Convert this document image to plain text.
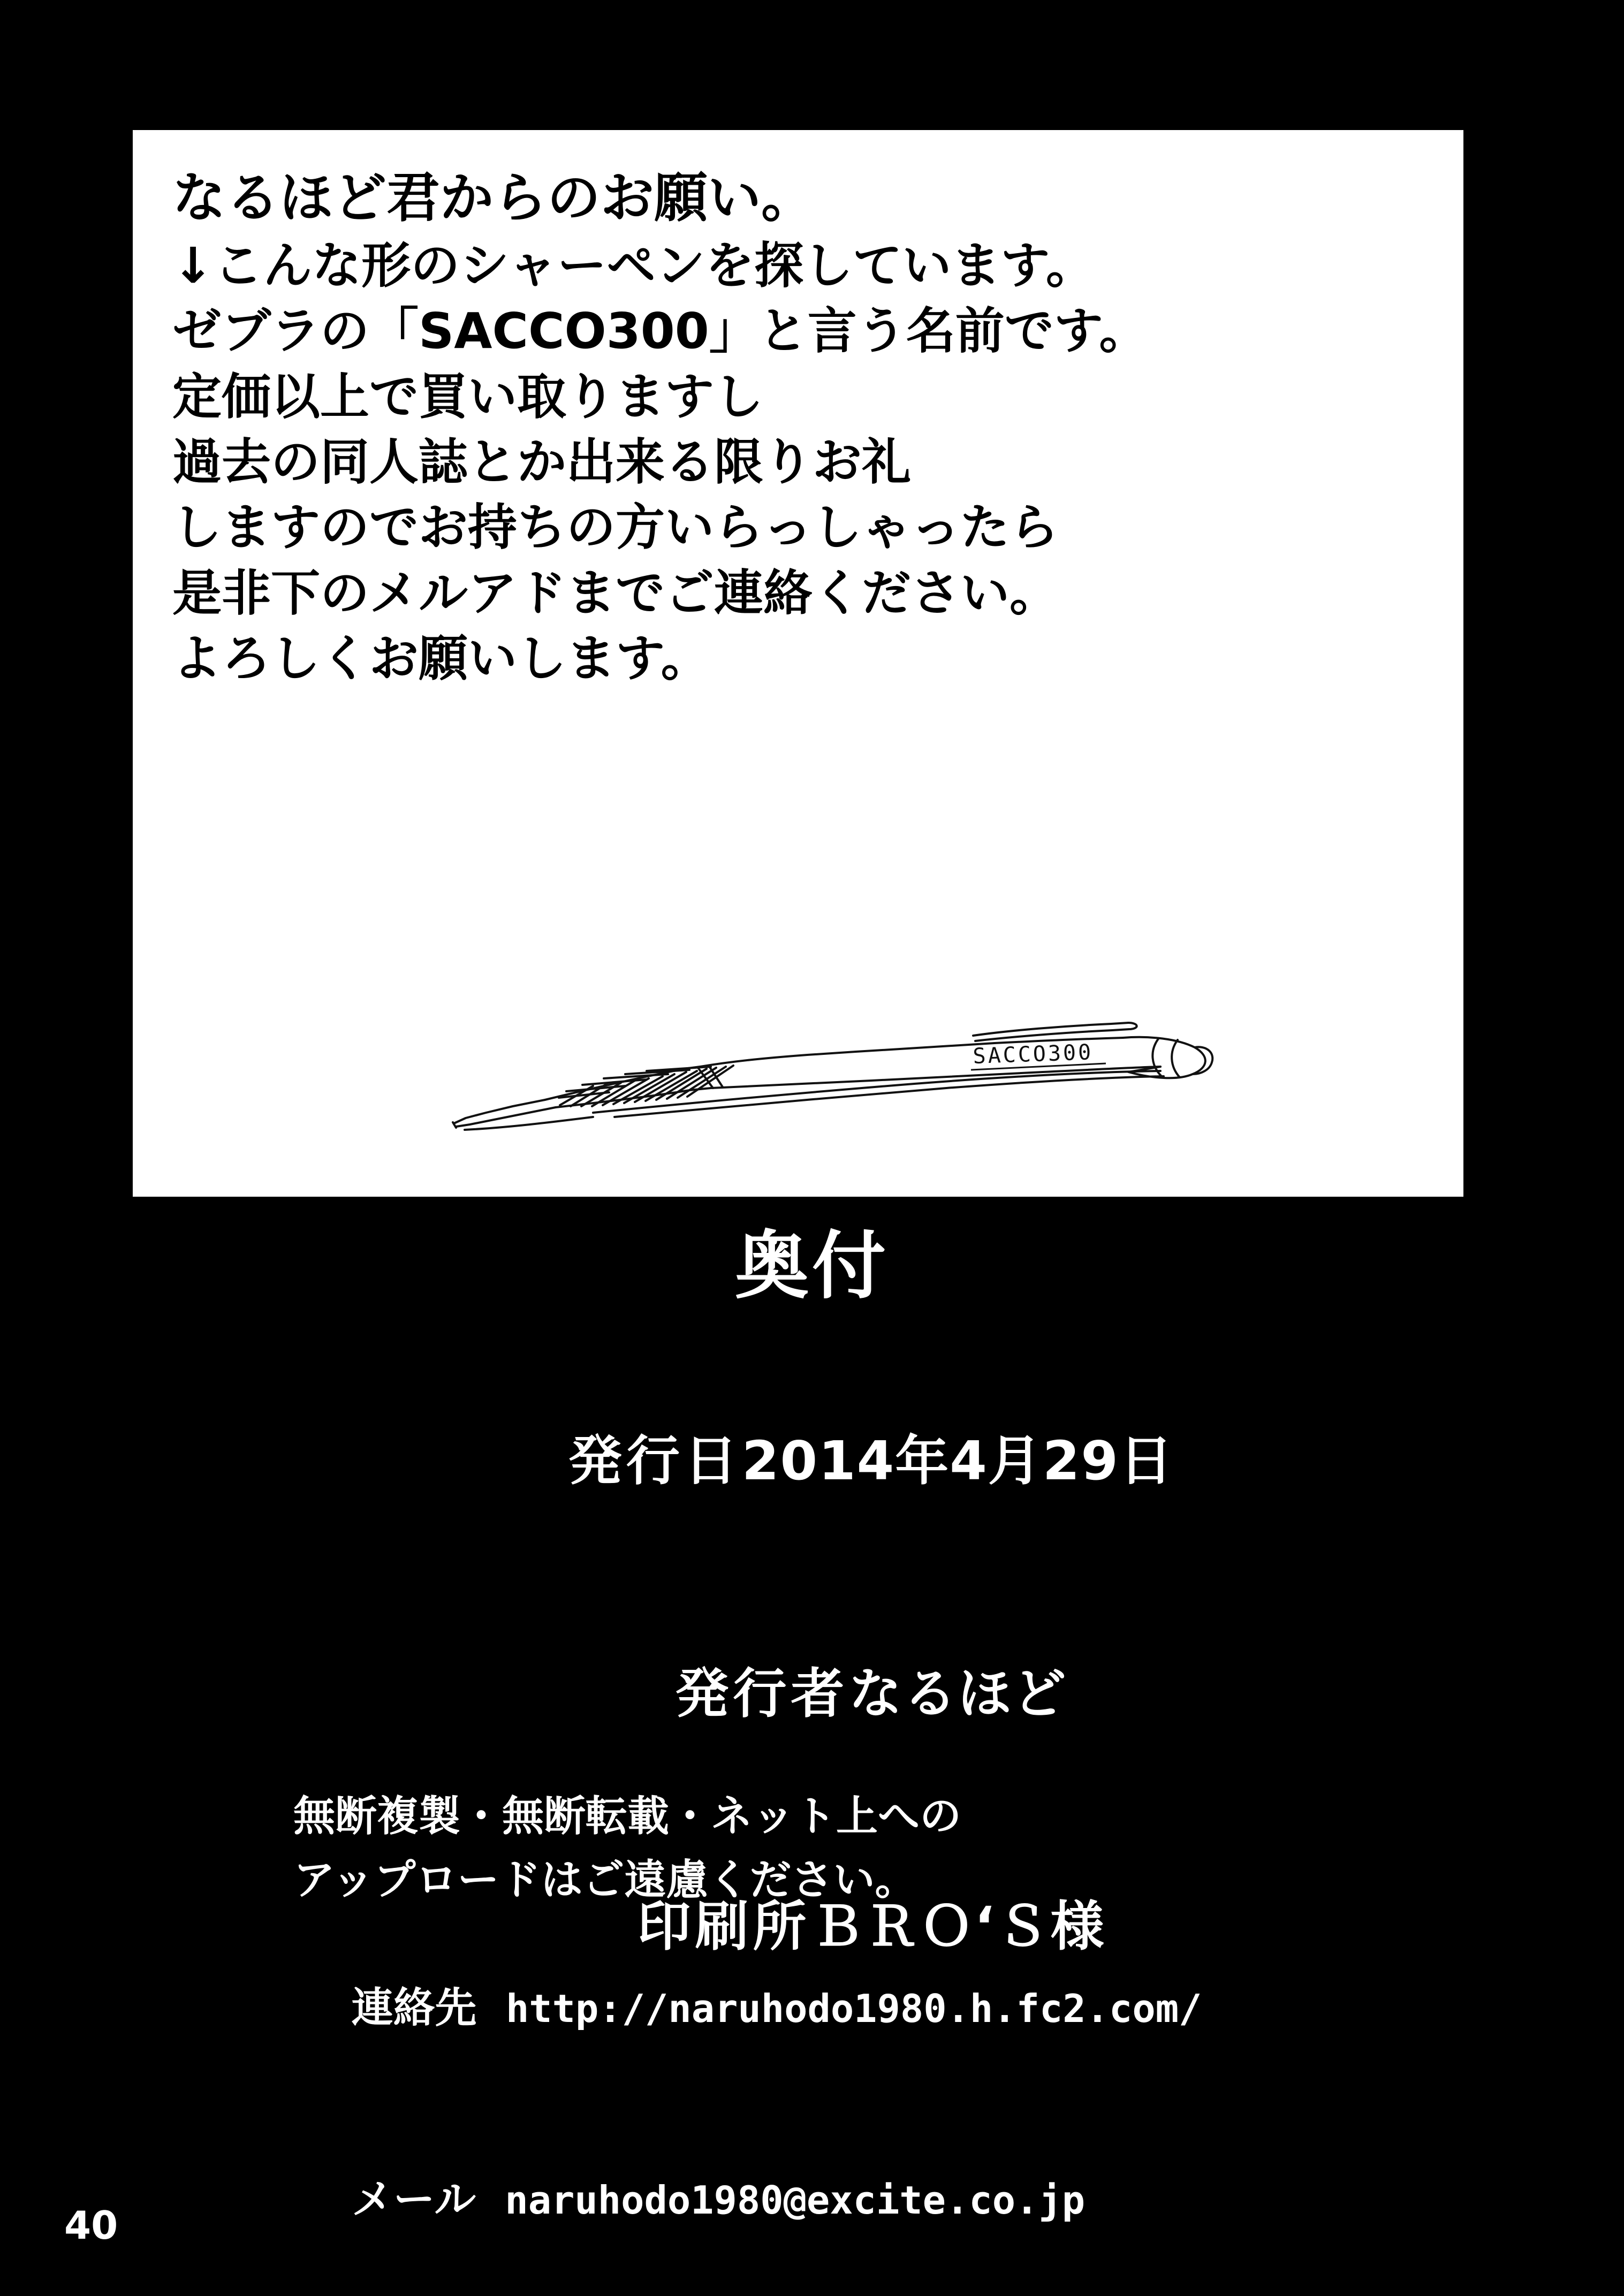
なるほど君からのお願い。
↓こんな形のシャーペンを探しています。
ゼブラの「SACCO300」と言う名前です。
定価以上で買い取りますし
過去の同人誌とか出来る限りお礼
しますのでお持ちの方いらっしゃったら
是非下のメルアドまでご連絡ください。
よろしくお願いします。
SACCO300
奥付

発行日2014年4月29日

発行者なるほど

印刷所ＢＲＯ‘Ｓ様

無断複製・無断転載・ネット上への
アップロードはご遠慮ください。

連絡先 http://naruhodo1980.h.fc2.com/

メール naruhodo1980@excite.co.jp

40
